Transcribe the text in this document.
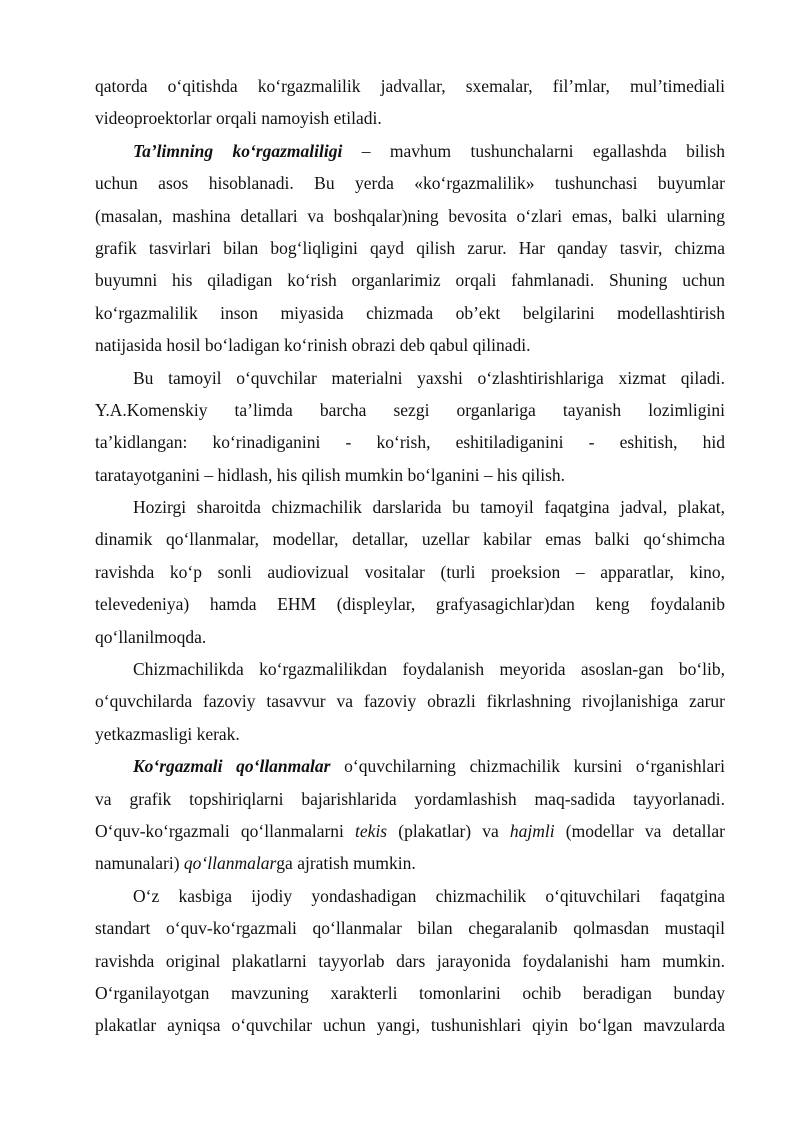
qatorda o‘qitishda ko‘rgazmalilik jadvallar, sxemalar, fil’mlar, mul’timediali
videoproektorlar orqali namoyish etiladi.
Ta’limning ko‘rgazmaliligi – mavhum tushunchalarni egallashda bilish
uchun asos hisoblanadi. Bu yerda «ko‘rgazmalilik» tushunchasi buyumlar
(masalan, mashina detallari va boshqalar)ning bevosita o‘zlari emas, balki ularning
grafik tasvirlari bilan bog‘liqligini qayd qilish zarur. Har qanday tasvir, chizma
buyumni his qiladigan ko‘rish organlarimiz orqali fahmlanadi. Shuning uchun
ko‘rgazmalilik inson miyasida chizmada ob’ekt belgilarini modellashtirish
natijasida hosil bo‘ladigan ko‘rinish obrazi deb qabul qilinadi.
Bu tamoyil o‘quvchilar materialni yaxshi o‘zlashtirishlariga xizmat qiladi.
Y.A.Komenskiy ta’limda barcha sezgi organlariga tayanish lozimligini
ta’kidlangan: ko‘rinadiganini - ko‘rish, eshitiladiganini - eshitish, hid
taratayotganini – hidlash, his qilish mumkin bo‘lganini – his qilish.
Hozirgi sharoitda chizmachilik darslarida bu tamoyil faqatgina jadval, plakat,
dinamik qo‘llanmalar, modellar, detallar, uzellar kabilar emas balki qo‘shimcha
ravishda ko‘p sonli audiovizual vositalar (turli proeksion – apparatlar, kino,
televedeniya) hamda EHM (displeylar, grafyasagichlar)dan keng foydalanib
qo‘llanilmoqda.
Chizmachilikda ko‘rgazmalilikdan foydalanish meyorida asoslan-gan bo‘lib,
o‘quvchilarda fazoviy tasavvur va fazoviy obrazli fikrlashning rivojlanishiga zarur
yetkazmasligi kerak.
Ko‘rgazmali qo‘llanmalar o‘quvchilarning chizmachilik kursini o‘rganishlari
va grafik topshiriqlarni bajarishlarida yordamlashish maq-sadida tayyorlanadi.
O‘quv-ko‘rgazmali qo‘llanmalarni tekis (plakatlar) va hajmli (modellar va detallar
namunalari) qo‘llanmalarga ajratish mumkin.
O‘z kasbiga ijodiy yondashadigan chizmachilik o‘qituvchilari faqatgina
standart o‘quv-ko‘rgazmali qo‘llanmalar bilan chegaralanib qolmasdan mustaqil
ravishda original plakatlarni tayyorlab dars jarayonida foydalanishi ham mumkin.
O‘rganilayotgan mavzuning xarakterli tomonlarini ochib beradigan bunday
plakatlar ayniqsa o‘quvchilar uchun yangi, tushunishlari qiyin bo‘lgan mavzularda
